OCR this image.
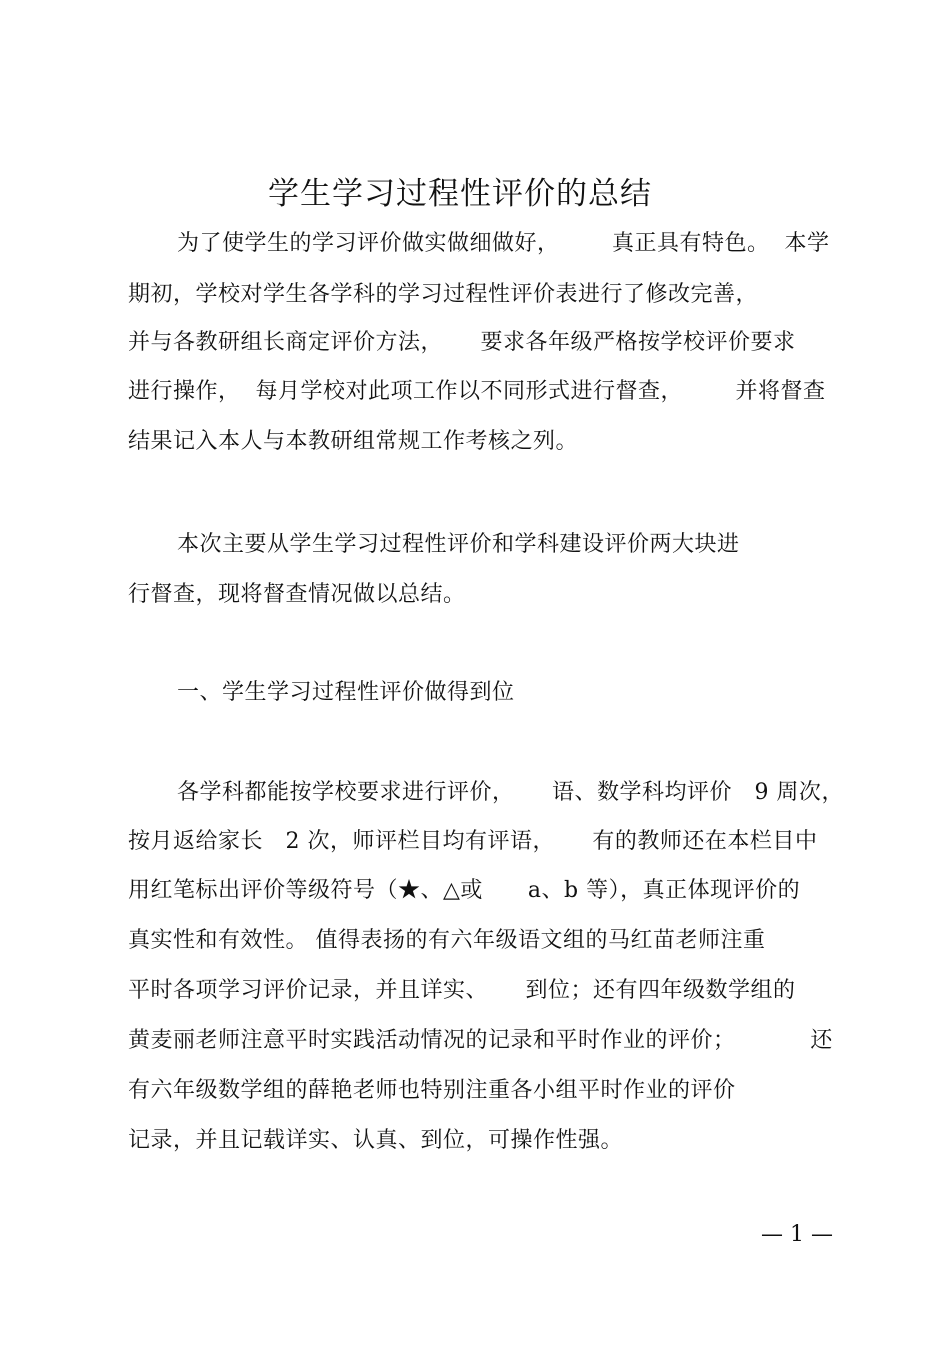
学生学习过程性评价的总结
为了使学生的学习评价做实做细做好，       真正具有特色。  本学
期初，学校对学生各学科的学习过程性评价表进行了修改完善，
并与各教研组长商定评价方法，     要求各年级严格按学校评价要求
进行操作，  每月学校对此项工作以不同形式进行督查，       并将督查
结果记入本人与本教研组常规工作考核之列。
本次主要从学生学习过程性评价和学科建设评价两大块进
行督查，现将督查情况做以总结。
一、学生学习过程性评价做得到位
各学科都能按学校要求进行评价，     语、数学科均评价   9 周次，
按月返给家长   2 次，师评栏目均有评语，     有的教师还在本栏目中
用红笔标出评价等级符号（★、△或      a、b 等），真正体现评价的
真实性和有效性。 值得表扬的有六年级语文组的马红苗老师注重
平时各项学习评价记录，并且详实、     到位；还有四年级数学组的
黄麦丽老师注意平时实践活动情况的记录和平时作业的评价；          还
有六年级数学组的薛艳老师也特别注重各小组平时作业的评价
记录，并且记载详实、认真、到位，可操作性强。
— 1 —
